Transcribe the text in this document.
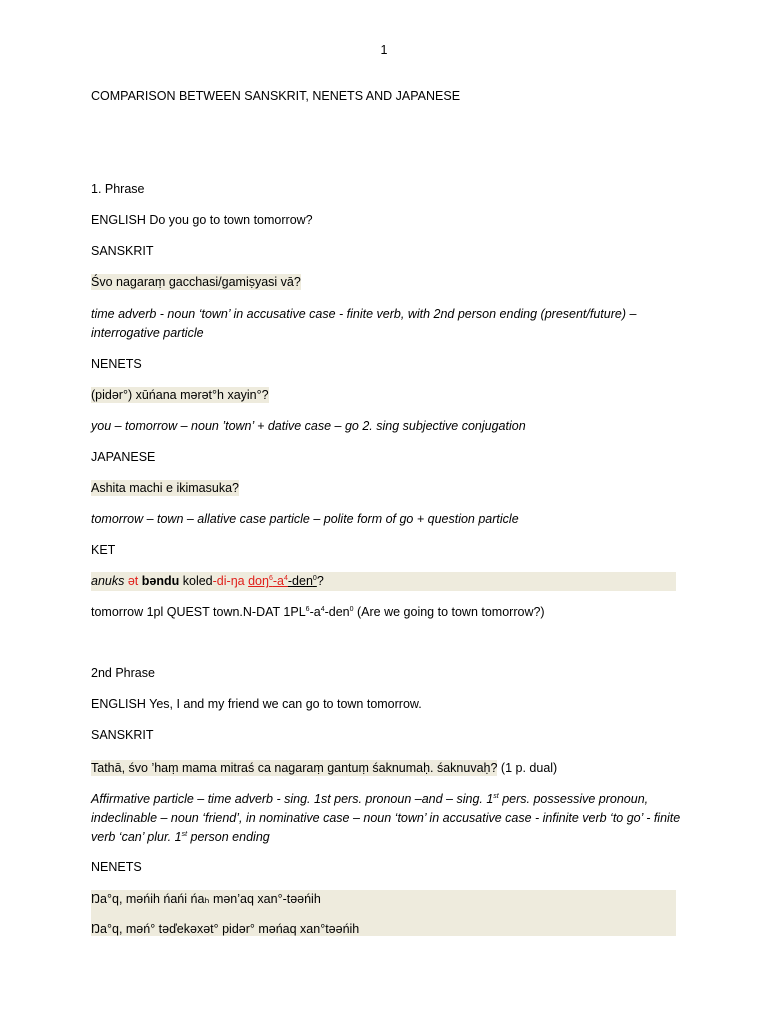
1
COMPARISON BETWEEN SANSKRIT, NENETS AND JAPANESE
1. Phrase
ENGLISH Do you go to town tomorrow?
SANSKRIT
Śvo nagaraṃ gacchasi/gamiṣyasi vā?
time adverb - noun ‘town’ in accusative case - finite verb, with 2nd person ending (present/future) – interrogative particle
NENETS
(pidər°) xūńana mərət°h xayin°?
you – tomorrow – noun ’town’ + dative case – go 2. sing subjective conjugation
JAPANESE
Ashita machi e ikimasuka?
tomorrow – town – allative case particle – polite form of go + question particle
KET
anuks ət bəndu koled-di-ŋa $doŋ^6-a^4-den^0$?
tomorrow 1pl QUEST town.N-DAT $1PL^6-a^4-den^0$ (Are we going to town tomorrow?)
2nd Phrase
ENGLISH Yes, I and my friend we can go to town tomorrow.
SANSKRIT
Tathā, śvo ’haṃ mama mitraś ca nagaraṃ gantuṃ śaknumaḥ. śaknuvaḥ? (1 p. dual)
Affirmative particle – time adverb - sing. 1st pers. pronoun –and – sing. 1st pers. possessive pronoun, indeclinable – noun ‘friend’, in nominative case – noun ‘town’ in accusative case - infinite verb ‘to go’ - finite verb ‘can’ plur. 1st person ending
NENETS
Ŋa°q, məńih ńańi ńaₕ mən’aq xan°-təəńih
Ŋa°q, məń° təďekəxət° pidər° məńaq xan°təəńih
